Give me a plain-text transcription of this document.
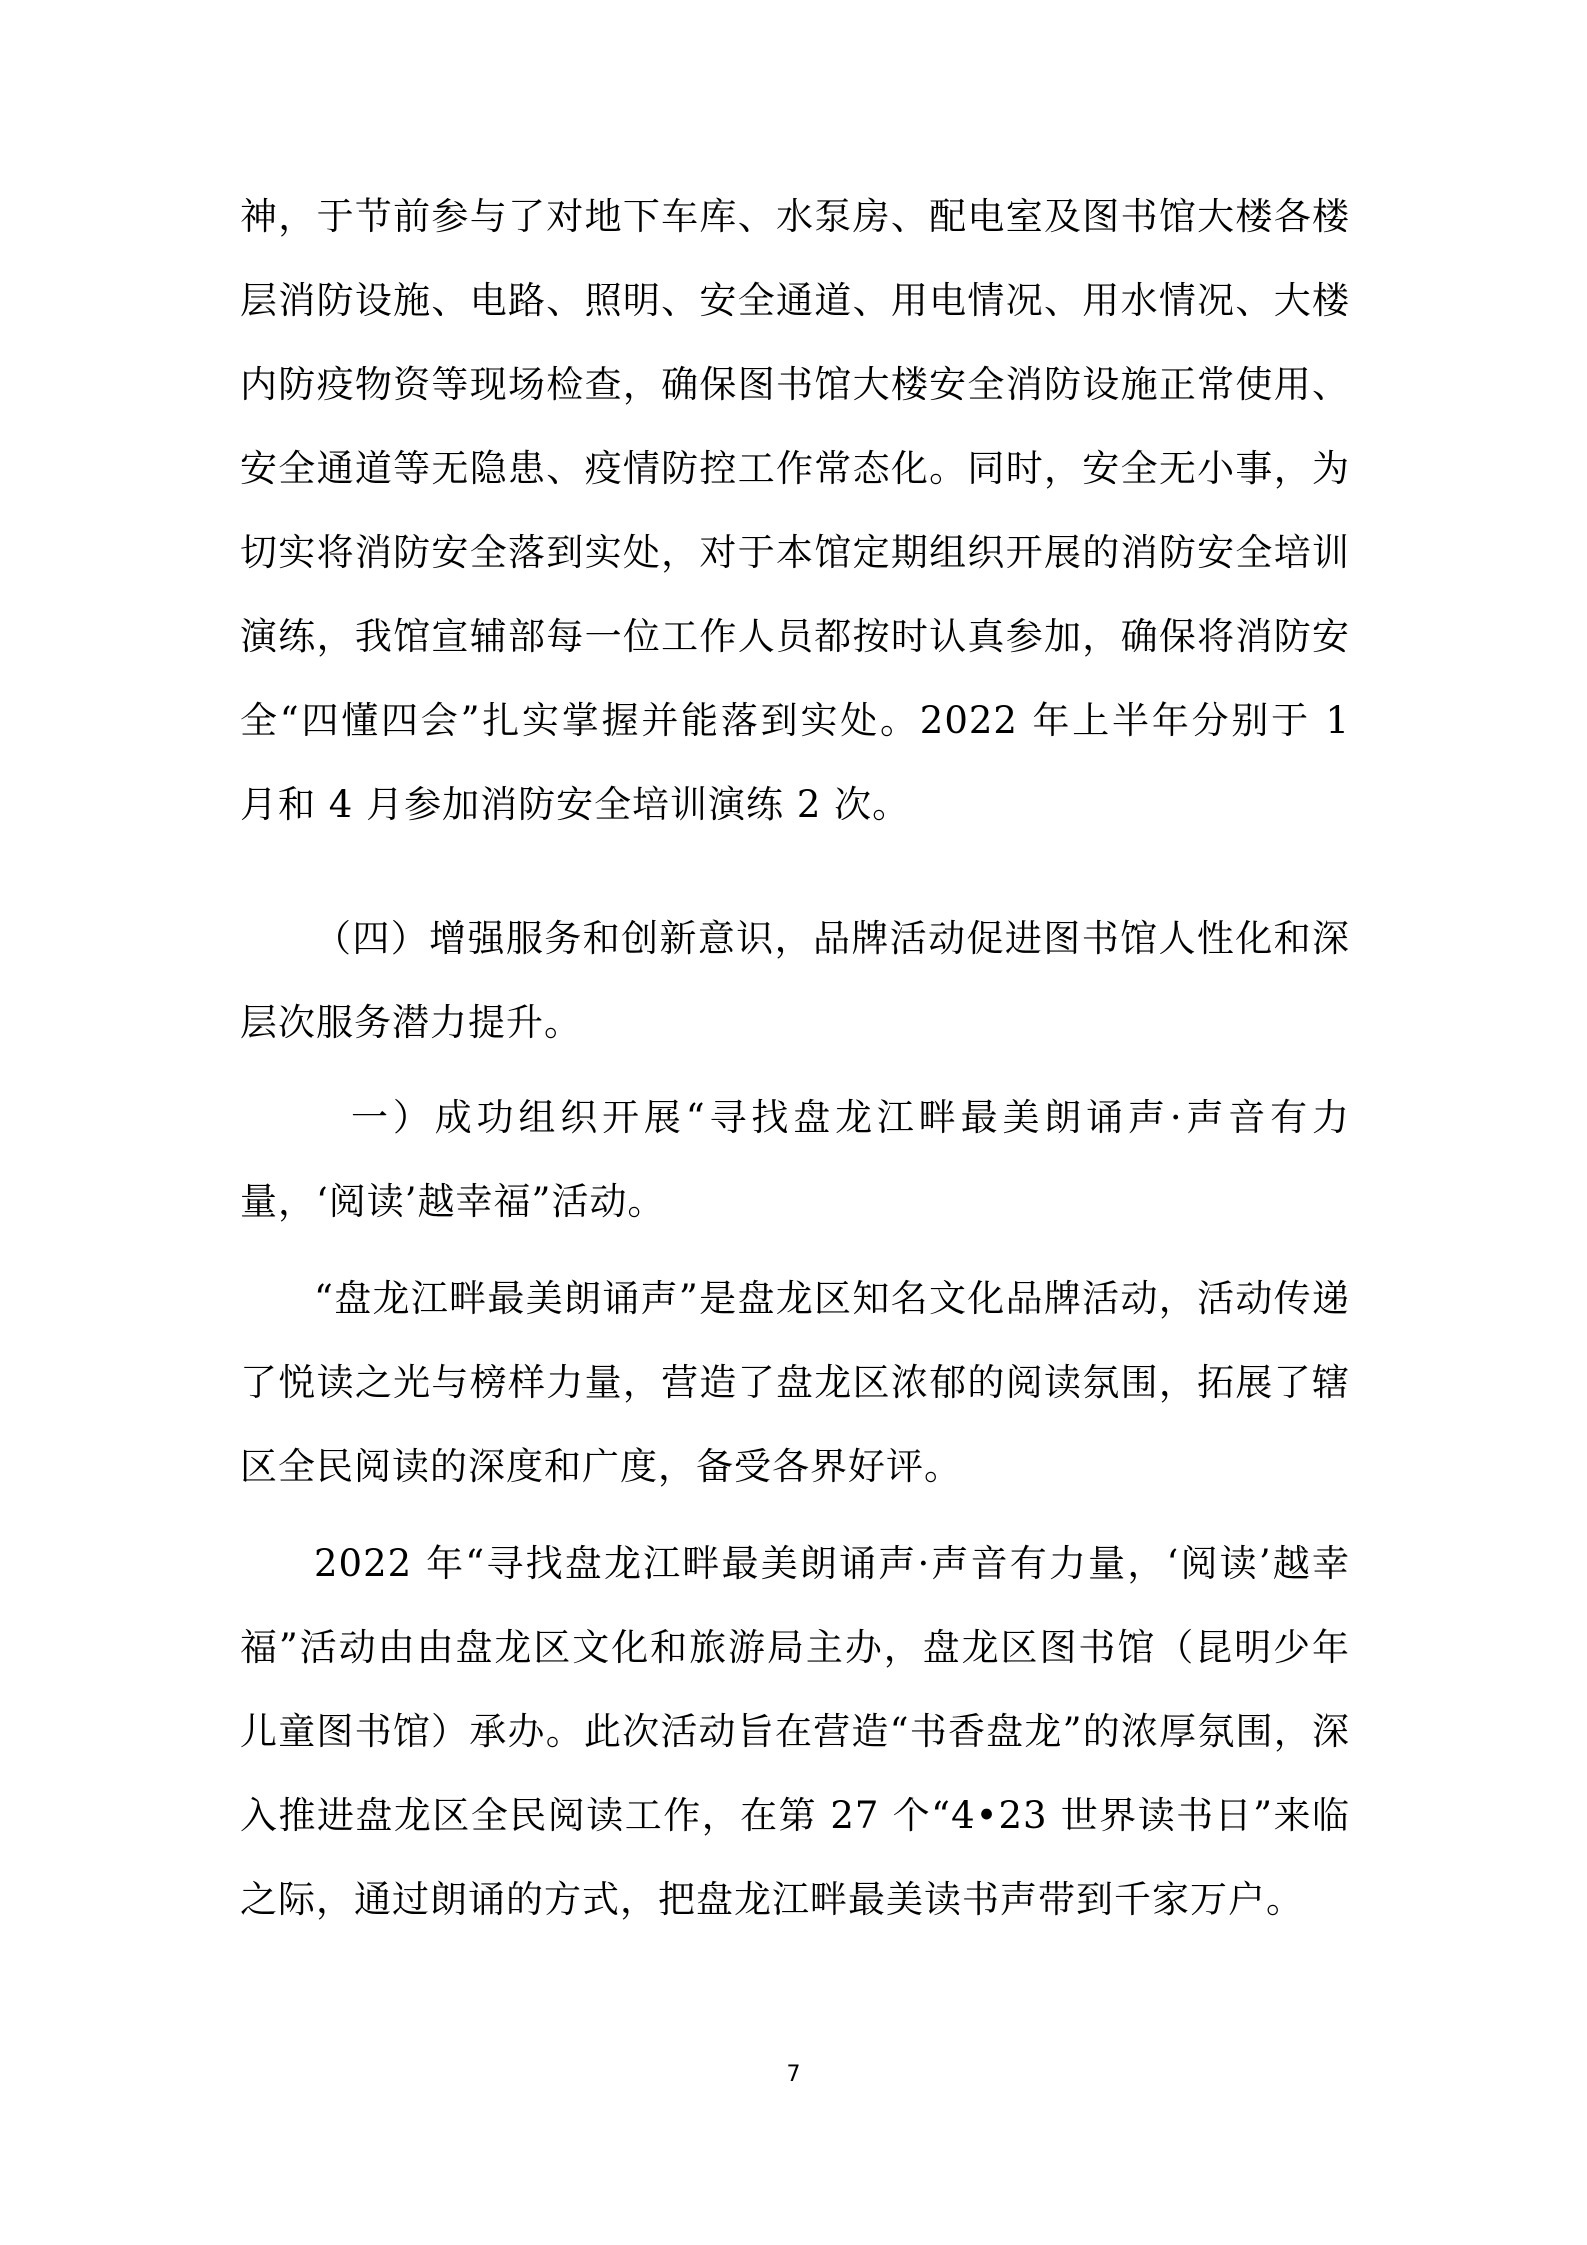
神，于节前参与了对地下车库、水泵房、配电室及图书馆大楼各楼层消防设施、电路、照明、安全通道、用电情况、用水情况、大楼内防疫物资等现场检查，确保图书馆大楼安全消防设施正常使用、安全通道等无隐患、疫情防控工作常态化。同时，安全无小事，为切实将消防安全落到实处，对于本馆定期组织开展的消防安全培训演练，我馆宣辅部每一位工作人员都按时认真参加，确保将消防安全“四懂四会”扎实掌握并能落到实处。2022 年上半年分别于 1 月和 4 月参加消防安全培训演练 2 次。

（四）增强服务和创新意识，品牌活动促进图书馆人性化和深层次服务潜力提升。

一）成功组织开展“寻找盘龙江畔最美朗诵声·声音有力量，‘阅读’越幸福”活动。

“盘龙江畔最美朗诵声”是盘龙区知名文化品牌活动，活动传递了悦读之光与榜样力量，营造了盘龙区浓郁的阅读氛围，拓展了辖区全民阅读的深度和广度，备受各界好评。

2022 年“寻找盘龙江畔最美朗诵声·声音有力量，‘阅读’越幸福”活动由由盘龙区文化和旅游局主办，盘龙区图书馆（昆明少年儿童图书馆）承办。此次活动旨在营造“书香盘龙”的浓厚氛围，深入推进盘龙区全民阅读工作，在第 27 个“4•23 世界读书日”来临之际，通过朗诵的方式，把盘龙江畔最美读书声带到千家万户。

7
